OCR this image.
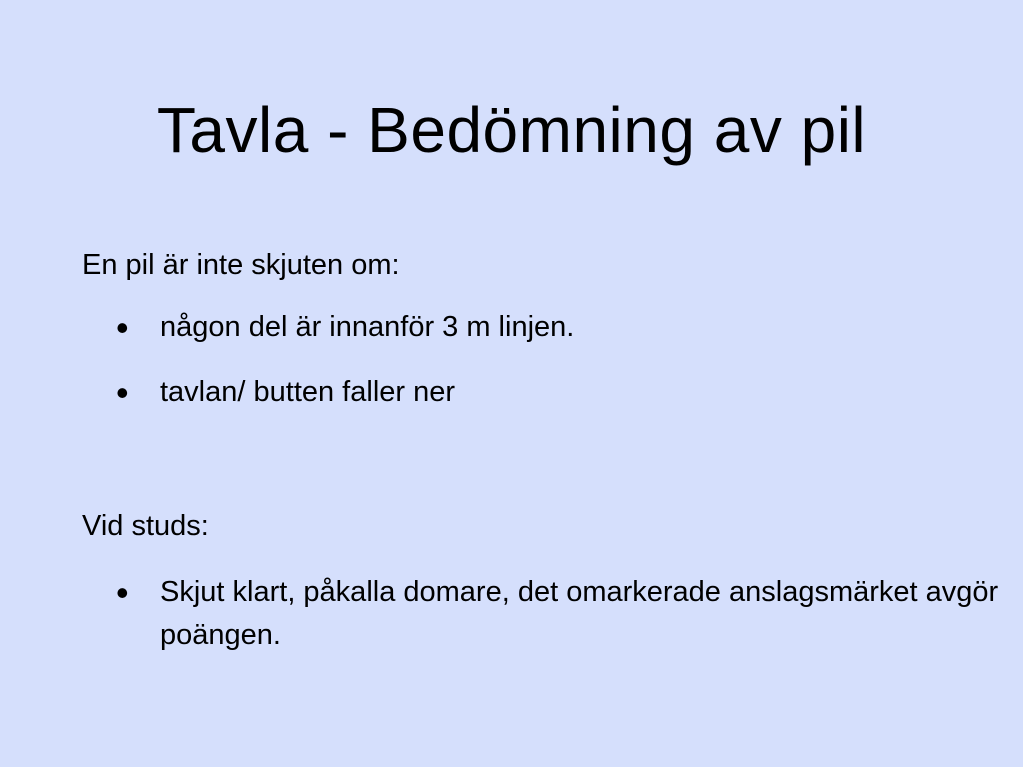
Tavla - Bedömning av pil

En pil är inte skjuten om:

• någon del är innanför 3 m linjen.
• tavlan/ butten faller ner

Vid studs:

• Skjut klart, påkalla domare, det omarkerade anslagsmärket avgör poängen.
